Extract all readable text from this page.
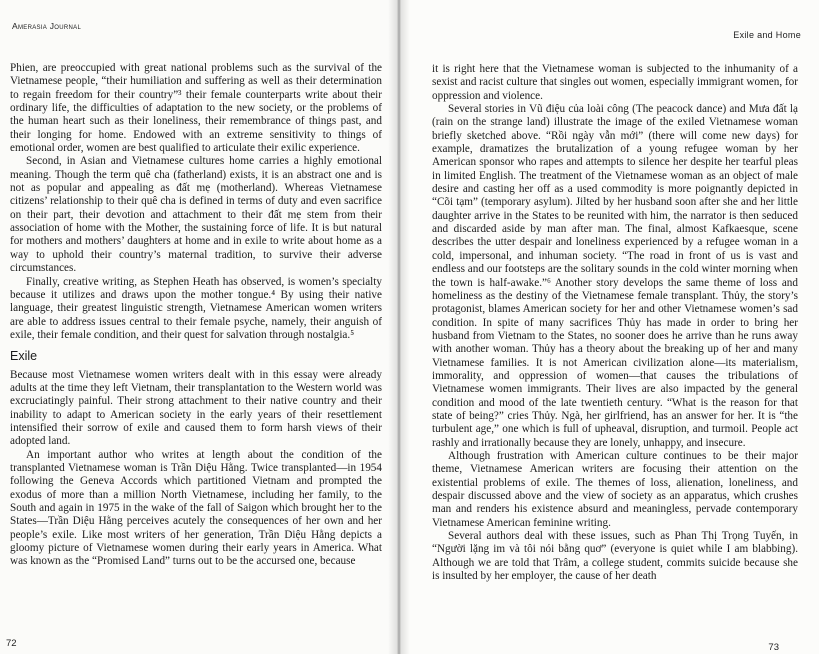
Amerasia Journal

Phien, are preoccupied with great national problems such as the survival of the Vietnamese people, “their humiliation and suffering as well as their determination to regain freedom for their country”³ their female counterparts write about their ordinary life, the difficulties of adaptation to the new society, or the problems of the human heart such as their loneliness, their remembrance of things past, and their longing for home. Endowed with an extreme sensitivity to things of emotional order, women are best qualified to articulate their exilic experience.

Second, in Asian and Vietnamese cultures home carries a highly emotional meaning. Though the term quê cha (fatherland) exists, it is an abstract one and is not as popular and appealing as đất mẹ (motherland). Whereas Vietnamese citizens’ relationship to their quê cha is defined in terms of duty and even sacrifice on their part, their devotion and attachment to their đất mẹ stem from their association of home with the Mother, the sustaining force of life. It is but natural for mothers and mothers’ daughters at home and in exile to write about home as a way to uphold their country’s maternal tradition, to survive their adverse circumstances.

Finally, creative writing, as Stephen Heath has observed, is women’s specialty because it utilizes and draws upon the mother tongue.⁴ By using their native language, their greatest linguistic strength, Vietnamese American women writers are able to address issues central to their female psyche, namely, their anguish of exile, their female condition, and their quest for salvation through nostalgia.⁵

Exile

Because most Vietnamese women writers dealt with in this essay were already adults at the time they left Vietnam, their transplantation to the Western world was excruciatingly painful. Their strong attachment to their native country and their inability to adapt to American society in the early years of their resettlement intensified their sorrow of exile and caused them to form harsh views of their adopted land.

An important author who writes at length about the condition of the transplanted Vietnamese woman is Trần Diệu Hằng. Twice transplanted—in 1954 following the Geneva Accords which partitioned Vietnam and prompted the exodus of more than a million North Vietnamese, including her family, to the South and again in 1975 in the wake of the fall of Saigon which brought her to the States—Trần Diệu Hằng perceives acutely the consequences of her own and her people’s exile. Like most writers of her generation, Trần Diệu Hằng depicts a gloomy picture of Vietnamese women during their early years in America. What was known as the “Promised Land” turns out to be the accursed one, because

72
Exile and Home

it is right here that the Vietnamese woman is subjected to the inhumanity of a sexist and racist culture that singles out women, especially immigrant women, for oppression and violence.

Several stories in Vũ điệu của loài công (The peacock dance) and Mưa đất lạ (rain on the strange land) illustrate the image of the exiled Vietnamese woman briefly sketched above. “Rồi ngày vẫn mới” (there will come new days) for example, dramatizes the brutalization of a young refugee woman by her American sponsor who rapes and attempts to silence her despite her tearful pleas in limited English. The treatment of the Vietnamese woman as an object of male desire and casting her off as a used commodity is more poignantly depicted in “Cõi tạm” (temporary asylum). Jilted by her husband soon after she and her little daughter arrive in the States to be reunited with him, the narrator is then seduced and discarded aside by man after man. The final, almost Kafkaesque, scene describes the utter despair and loneliness experienced by a refugee woman in a cold, impersonal, and inhuman society. “The road in front of us is vast and endless and our footsteps are the solitary sounds in the cold winter morning when the town is half-awake.”⁶ Another story develops the same theme of loss and homeliness as the destiny of the Vietnamese female transplant. Thủy, the story’s protagonist, blames American society for her and other Vietnamese women’s sad condition. In spite of many sacrifices Thủy has made in order to bring her husband from Vietnam to the States, no sooner does he arrive than he runs away with another woman. Thủy has a theory about the breaking up of her and many Vietnamese families. It is not American civilization alone—its materialism, immorality, and oppression of women—that causes the tribulations of Vietnamese women immigrants. Their lives are also impacted by the general condition and mood of the late twentieth century. “What is the reason for that state of being?” cries Thủy. Ngà, her girlfriend, has an answer for her. It is “the turbulent age,” one which is full of upheaval, disruption, and turmoil. People act rashly and irrationally because they are lonely, unhappy, and insecure.

Although frustration with American culture continues to be their major theme, Vietnamese American writers are focusing their attention on the existential problems of exile. The themes of loss, alienation, loneliness, and despair discussed above and the view of society as an apparatus, which crushes man and renders his existence absurd and meaningless, pervade contemporary Vietnamese American feminine writing.

Several authors deal with these issues, such as Phan Thị Trọng Tuyến, in “Người lặng im và tôi nói bằng quơ” (everyone is quiet while I am blabbing). Although we are told that Trâm, a college student, commits suicide because she is insulted by her employer, the cause of her death

73
